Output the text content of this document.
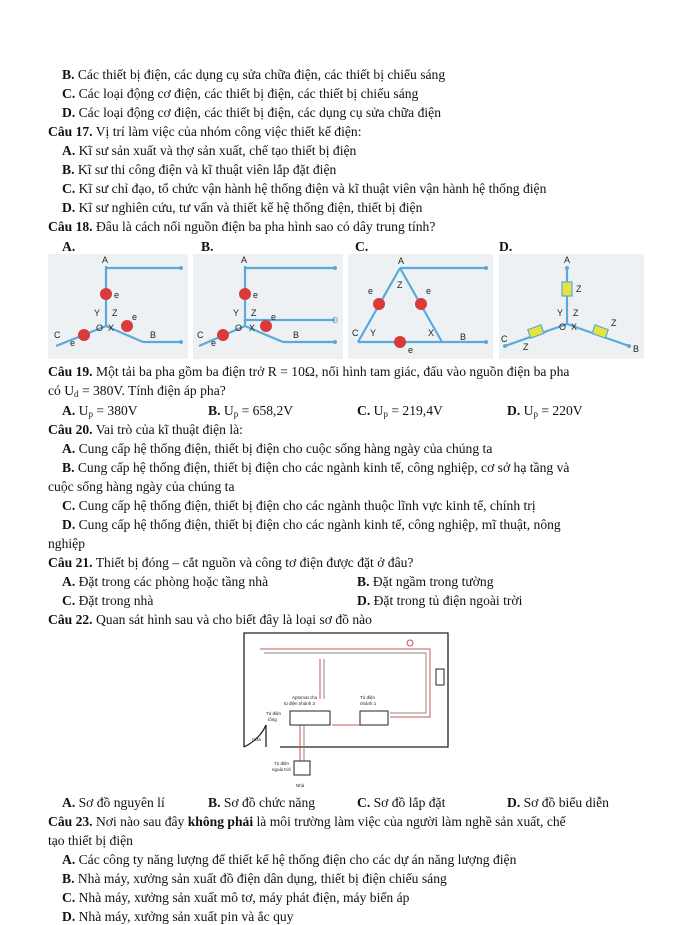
B. Các thiết bị điện, các dụng cụ sửa chữa điện, các thiết bị chiếu sáng
C. Các loại động cơ điện, các thiết bị điện, các thiết bị chiếu sáng
D. Các loại động cơ điện, các thiết bị điện, các dụng cụ sửa chữa điện
Câu 17. Vị trí làm việc của nhóm công việc thiết kế điện:
A. Kĩ sư sản xuất và thợ sản xuất, chế tạo thiết bị điện
B. Kĩ sư thi công điện và kĩ thuật viên lắp đặt điện
C. Kĩ sư chỉ đạo, tổ chức vận hành hệ thống điện và kĩ thuật viên vận hành hệ thống điện
D. Kĩ sư nghiên cứu, tư vấn và thiết kế hệ thống điện, thiết bị điện
Câu 18. Đâu là cách nối nguồn điện ba pha hình sao có dây trung tính?
A.	B.	C.	D.
A
e
Y Z
O X
e
B
C
e
A
e
Y Z
O X
e
B
C
e
A
Z
e	e
C Y	X	B
e
A
Z
Y Z
O X	Z
B
Z
C
Câu 19. Một tải ba pha gồm ba điện trở R = 10Ω, nối hình tam giác, đấu vào nguồn điện ba pha
có $U_d = 380V$. Tính điện áp pha?
A. $U_p = 380V$	B. $U_p = 658,2V$	C. $U_p = 219,4V$	D. $U_p = 220V$
Câu 20. Vai trò của kĩ thuật điện là:
A. Cung cấp hệ thống điện, thiết bị điện cho cuộc sống hàng ngày của chúng ta
B. Cung cấp hệ thống điện, thiết bị điện cho các ngành kinh tế, công nghiệp, cơ sở hạ tầng và
cuộc sống hàng ngày của chúng ta
C. Cung cấp hệ thống điện, thiết bị điện cho các ngành thuộc lĩnh vực kinh tế, chính trị
D. Cung cấp hệ thống điện, thiết bị điện cho các ngành kinh tế, công nghiệp, mĩ thuật, nông
nghiệp
Câu 21. Thiết bị đóng – cắt nguồn và công tơ điện được đặt ở đâu?
A. Đặt trong các phòng hoặc tầng nhà	B. Đặt ngầm trong tường
C. Đặt trong nhà	D. Đặt trong tủ điện ngoài trời
Câu 22. Quan sát hình sau và cho biết đây là loại sơ đồ nào
Aptomat cho
tủ điện nhánh 2
Tủ điện
nhánh 1
Tủ điện
tổng
Cửa
Tủ điện
ngoài trời
Nhà
A. Sơ đồ nguyên lí	B. Sơ đồ chức năng	C. Sơ đồ lắp đặt	D. Sơ đồ biểu diễn
Câu 23. Nơi nào sau đây không phải là môi trường làm việc của người làm nghề sản xuất, chế
tạo thiết bị điện
A. Các công ty năng lượng để thiết kế hệ thống điện cho các dự án năng lượng điện
B. Nhà máy, xưởng sản xuất đồ điện dân dụng, thiết bị điện chiếu sáng
C. Nhà máy, xưởng sản xuất mô tơ, máy phát điện, máy biến áp
D. Nhà máy, xưởng sản xuất pin và ắc quy
